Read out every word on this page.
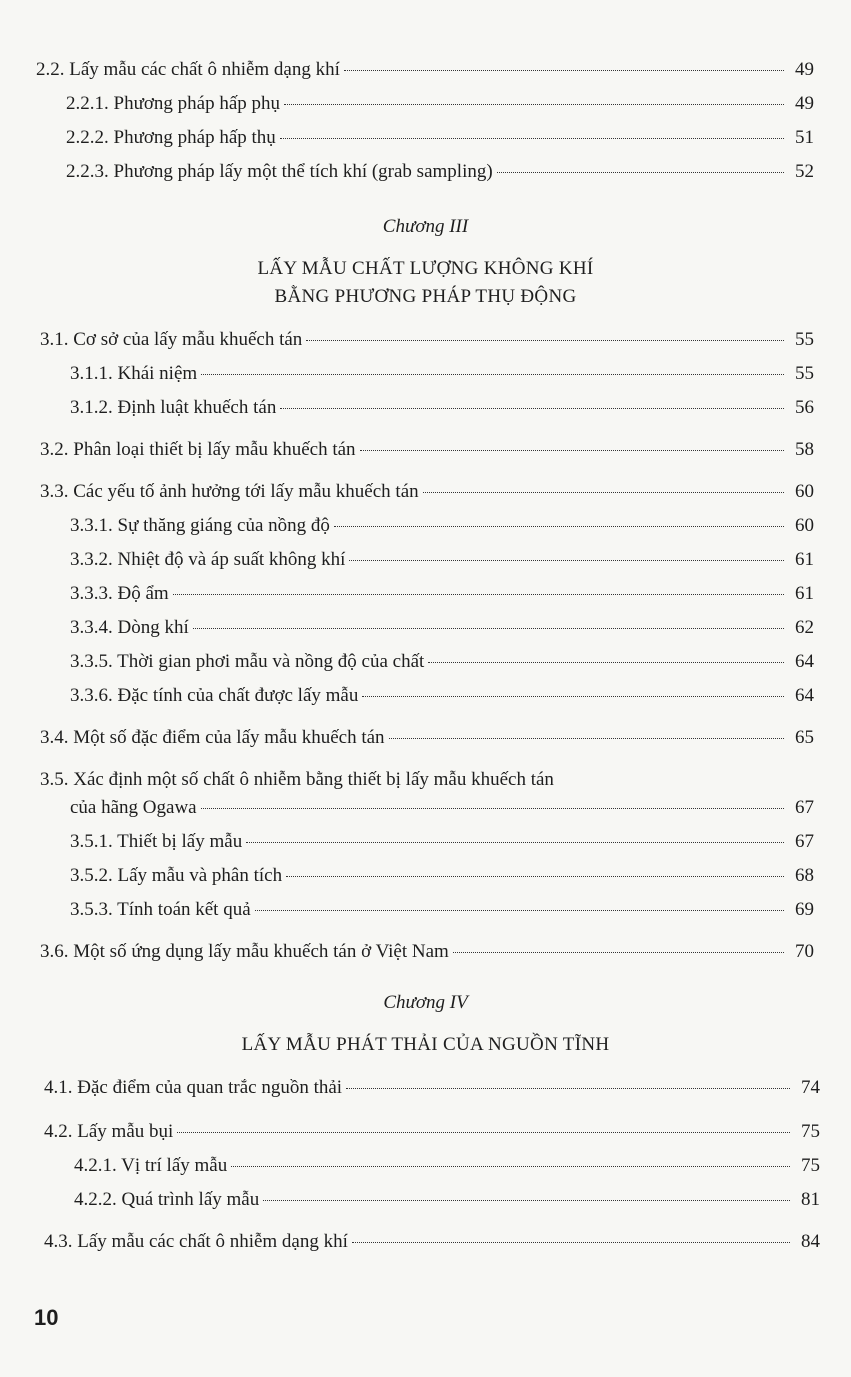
2.2. Lấy mẫu các chất ô nhiễm dạng khí	49
2.2.1. Phương pháp hấp phụ	49
2.2.2. Phương pháp hấp thụ	51
2.2.3. Phương pháp lấy một thể tích khí (grab sampling)	52
Chương III
LẤY MẪU CHẤT LƯỢNG KHÔNG KHÍ
BẰNG PHƯƠNG PHÁP THỤ ĐỘNG
3.1. Cơ sở của lấy mẫu khuếch tán	55
3.1.1. Khái niệm	55
3.1.2. Định luật khuếch tán	56
3.2. Phân loại thiết bị lấy mẫu khuếch tán	58
3.3. Các yếu tố ảnh hưởng tới lấy mẫu khuếch tán	60
3.3.1. Sự thăng giáng của nồng độ	60
3.3.2. Nhiệt độ và áp suất không khí	61
3.3.3. Độ ẩm	61
3.3.4. Dòng khí	62
3.3.5. Thời gian phơi mẫu và nồng độ của chất	64
3.3.6. Đặc tính của chất được lấy mẫu	64
3.4. Một số đặc điểm của lấy mẫu khuếch tán	65
3.5. Xác định một số chất ô nhiễm bằng thiết bị lấy mẫu khuếch tán
của hãng Ogawa	67
3.5.1. Thiết bị lấy mẫu	67
3.5.2. Lấy mẫu và phân tích	68
3.5.3. Tính toán kết quả	69
3.6. Một số ứng dụng lấy mẫu khuếch tán ở Việt Nam	70
Chương IV
LẤY MẪU PHÁT THẢI CỦA NGUỒN TĨNH
4.1. Đặc điểm của quan trắc nguồn thải	74
4.2. Lấy mẫu bụi	75
4.2.1. Vị trí lấy mẫu	75
4.2.2. Quá trình lấy mẫu	81
4.3. Lấy mẫu các chất ô nhiễm dạng khí	84
10
